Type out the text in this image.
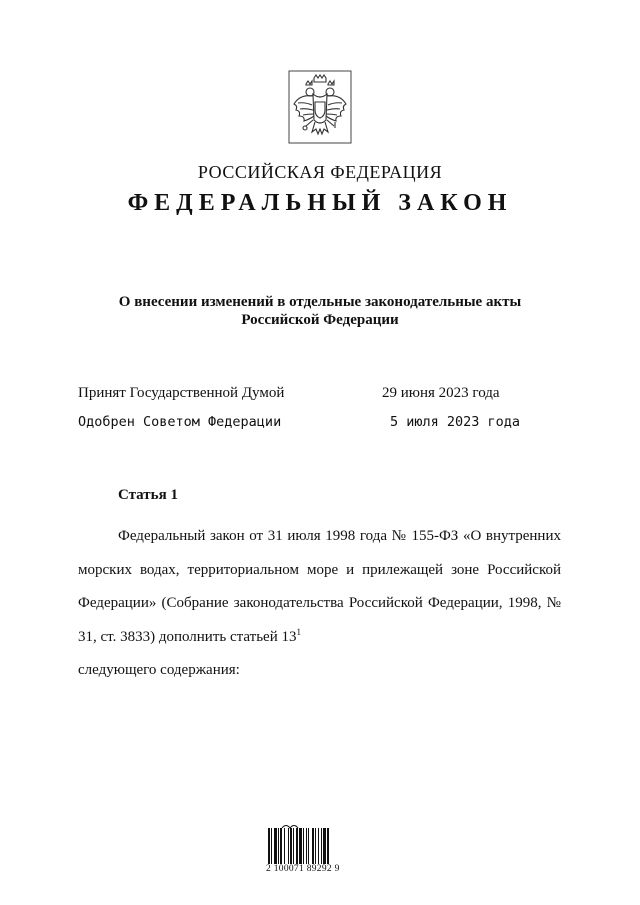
РОССИЙСКАЯ ФЕДЕРАЦИЯ
ФЕДЕРАЛЬНЫЙ ЗАКОН
О внесении изменений в отдельные законодательные акты
Российской Федерации
Принят Государственной Думой	29 июня 2023 года
Одобрен Советом Федерации	5 июля 2023 года
Статья 1
Федеральный закон от 31 июля 1998 года № 155-ФЗ «О внутренних морских водах, территориальном море и прилежащей зоне Российской Федерации» (Собрание законодательства Российской Федерации, 1998, № 31, ст. 3833) дополнить статьей 13$^1$
следующего содержания:
2 100071 89292 9
